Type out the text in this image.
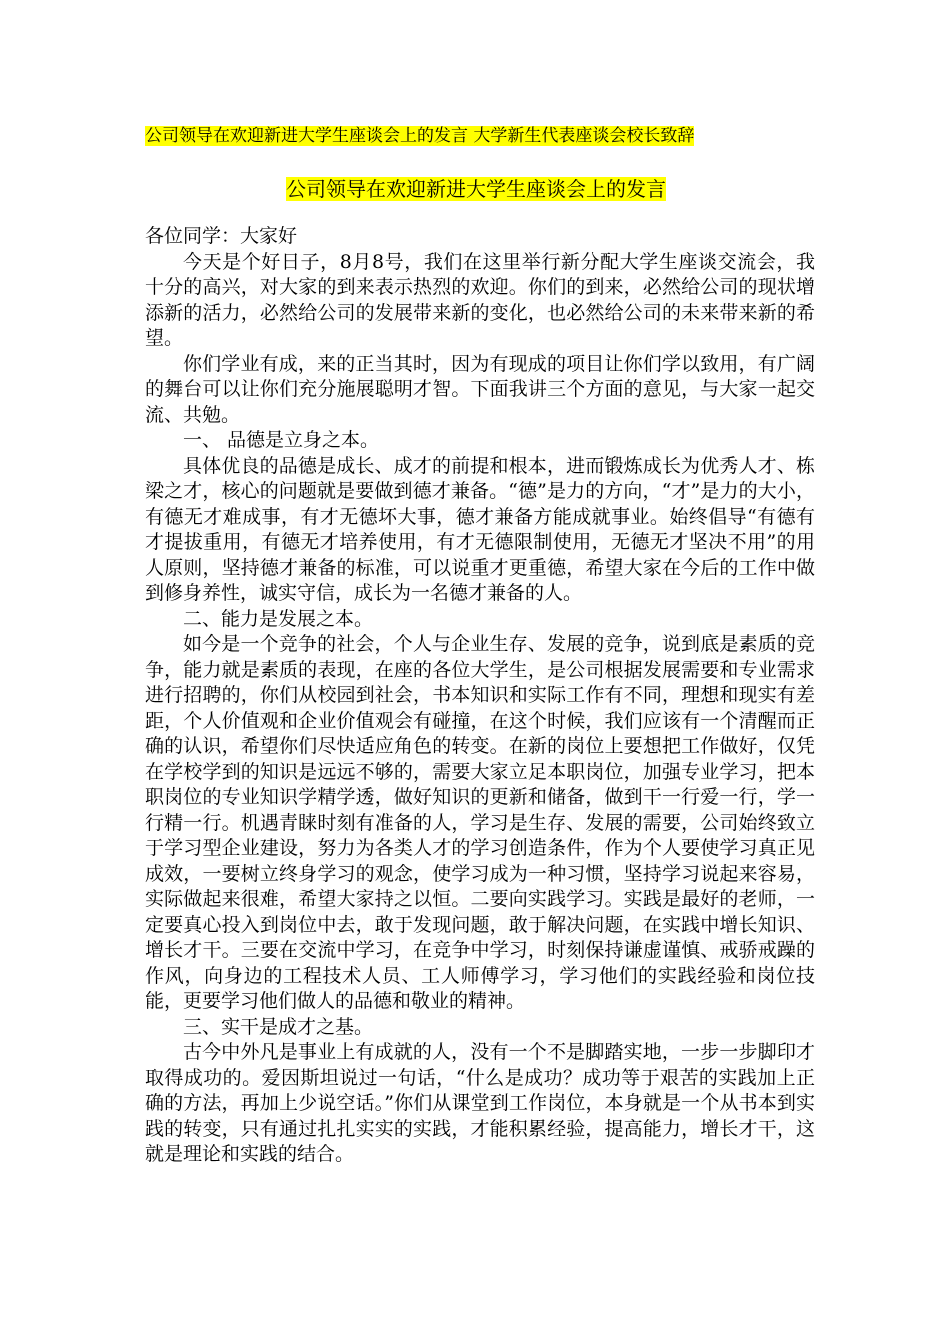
公司领导在欢迎新进大学生座谈会上的发言 大学新生代表座谈会校长致辞
公司领导在欢迎新进大学生座谈会上的发言

各位同学：大家好

今天是个好日子，8月8号，我们在这里举行新分配大学生座谈交流会，我十分的高兴，对大家的到来表示热烈的欢迎。你们的到来，必然给公司的现状增添新的活力，必然给公司的发展带来新的变化，也必然给公司的未来带来新的希望。

你们学业有成，来的正当其时，因为有现成的项目让你们学以致用，有广阔的舞台可以让你们充分施展聪明才智。下面我讲三个方面的意见，与大家一起交流、共勉。

一、 品德是立身之本。

具体优良的品德是成长、成才的前提和根本，进而锻炼成长为优秀人才、栋梁之才，核心的问题就是要做到德才兼备。“德”是力的方向，“才”是力的大小，有德无才难成事，有才无德坏大事，德才兼备方能成就事业。始终倡导“有德有才提拔重用，有德无才培养使用，有才无德限制使用，无德无才坚决不用”的用人原则，坚持德才兼备的标准，可以说重才更重德，希望大家在今后的工作中做到修身养性，诚实守信，成长为一名德才兼备的人。

二、能力是发展之本。

如今是一个竞争的社会，个人与企业生存、发展的竞争，说到底是素质的竞争，能力就是素质的表现，在座的各位大学生，是公司根据发展需要和专业需求进行招聘的，你们从校园到社会，书本知识和实际工作有不同，理想和现实有差距，个人价值观和企业价值观会有碰撞，在这个时候，我们应该有一个清醒而正确的认识，希望你们尽快适应角色的转变。在新的岗位上要想把工作做好，仅凭在学校学到的知识是远远不够的，需要大家立足本职岗位，加强专业学习，把本职岗位的专业知识学精学透，做好知识的更新和储备，做到干一行爱一行，学一行精一行。机遇青睐时刻有准备的人，学习是生存、发展的需要，公司始终致立于学习型企业建设，努力为各类人才的学习创造条件，作为个人要使学习真正见成效，一要树立终身学习的观念，使学习成为一种习惯，坚持学习说起来容易，实际做起来很难，希望大家持之以恒。二要向实践学习。实践是最好的老师，一定要真心投入到岗位中去，敢于发现问题，敢于解决问题，在实践中增长知识、增长才干。三要在交流中学习，在竞争中学习，时刻保持谦虚谨慎、戒骄戒躁的作风，向身边的工程技术人员、工人师傅学习，学习他们的实践经验和岗位技能，更要学习他们做人的品德和敬业的精神。

三、实干是成才之基。

古今中外凡是事业上有成就的人，没有一个不是脚踏实地，一步一步脚印才取得成功的。爱因斯坦说过一句话，“什么是成功？成功等于艰苦的实践加上正确的方法，再加上少说空话。”你们从课堂到工作岗位，本身就是一个从书本到实践的转变，只有通过扎扎实实的实践，才能积累经验，提高能力，增长才干，这就是理论和实践的结合。
